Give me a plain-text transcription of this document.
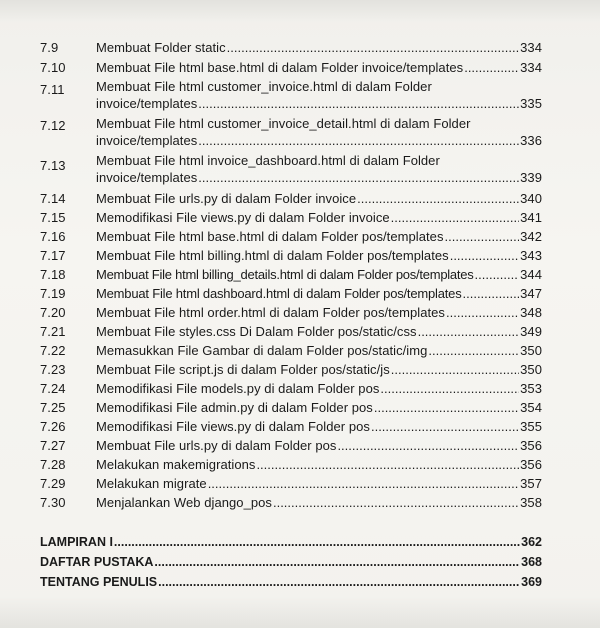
7.9	Membuat Folder static .....	334
7.10	Membuat File html base.html di dalam Folder invoice/templates .....	334
7.11	Membuat File html customer_invoice.html di dalam Folder
invoice/templates .....	335
7.12	Membuat File html customer_invoice_detail.html di dalam Folder
invoice/templates .....	336
7.13	Membuat File html invoice_dashboard.html di dalam Folder
invoice/templates .....	339
7.14	Membuat File urls.py di dalam Folder invoice .....	340
7.15	Memodifikasi File views.py di dalam Folder invoice .....	341
7.16	Membuat File html base.html di dalam Folder pos/templates .....	342
7.17	Membuat File html billing.html di dalam Folder pos/templates .....	343
7.18	Membuat File html billing_details.html di dalam Folder pos/templates .....	344
7.19	Membuat File html dashboard.html di dalam Folder pos/templates .....	347
7.20	Membuat File html order.html di dalam Folder pos/templates .....	348
7.21	Membuat File styles.css Di Dalam Folder pos/static/css .....	349
7.22	Memasukkan File Gambar di dalam Folder pos/static/img .....	350
7.23	Membuat File script.js di dalam Folder pos/static/js .....	350
7.24	Memodifikasi File models.py di dalam Folder pos .....	353
7.25	Memodifikasi File admin.py di dalam Folder pos .....	354
7.26	Memodifikasi File views.py di dalam Folder pos .....	355
7.27	Membuat File urls.py di dalam Folder pos .....	356
7.28	Melakukan makemigrations .....	356
7.29	Melakukan migrate .....	357
7.30	Menjalankan Web django_pos .....	358
LAMPIRAN I .....	362
DAFTAR PUSTAKA .....	368
TENTANG PENULIS .....	369
